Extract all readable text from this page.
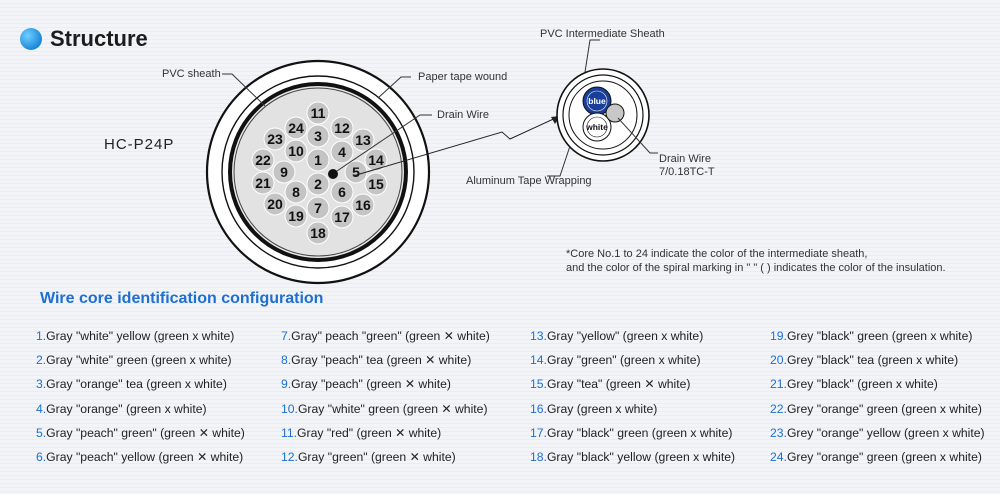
Structure
HC-P24P
1
2
3
4
5
6
7
8
9
10
11
12
13
14
15
16
17
18
19
20
21
22
23
24
PVC sheath	Paper tape wound
Drain Wire
blue
white
PVC Intermediate Sheath
Aluminum Tape Wrapping
Drain Wire
7/0.18TC-T
*Core No.1 to 24 indicate the color of the intermediate sheath,
and the color of the spiral marking in " " ( ) indicates the color of the insulation.
Wire core identification configuration
1.Gray "white" yellow (green x white)
2.Gray "white" green (green x white)
3.Gray "orange" tea (green x white)
4.Gray "orange" (green x white)
5.Gray "peach" green" (green ✕ white)
6.Gray "peach" yellow (green ✕ white)
7.Gray" peach "green" (green ✕ white)
8.Gray "peach" tea (green ✕ white)
9.Gray "peach" (green ✕ white)
10.Gray "white" green (green ✕ white)
11.Gray "red" (green ✕ white)
12.Gray "green" (green ✕ white)
13.Gray "yellow" (green x white)
14.Gray "green" (green x white)
15.Gray "tea" (green ✕ white)
16.Gray (green x white)
17.Gray "black" green (green x white)
18.Gray "black" yellow (green x white)
19.Grey "black" green (green x white)
20.Grey "black" tea (green x white)
21.Grey "black" (green x white)
22.Grey "orange" green (green x white)
23.Grey "orange" yellow (green x white)
24.Grey "orange" green (green x white)
